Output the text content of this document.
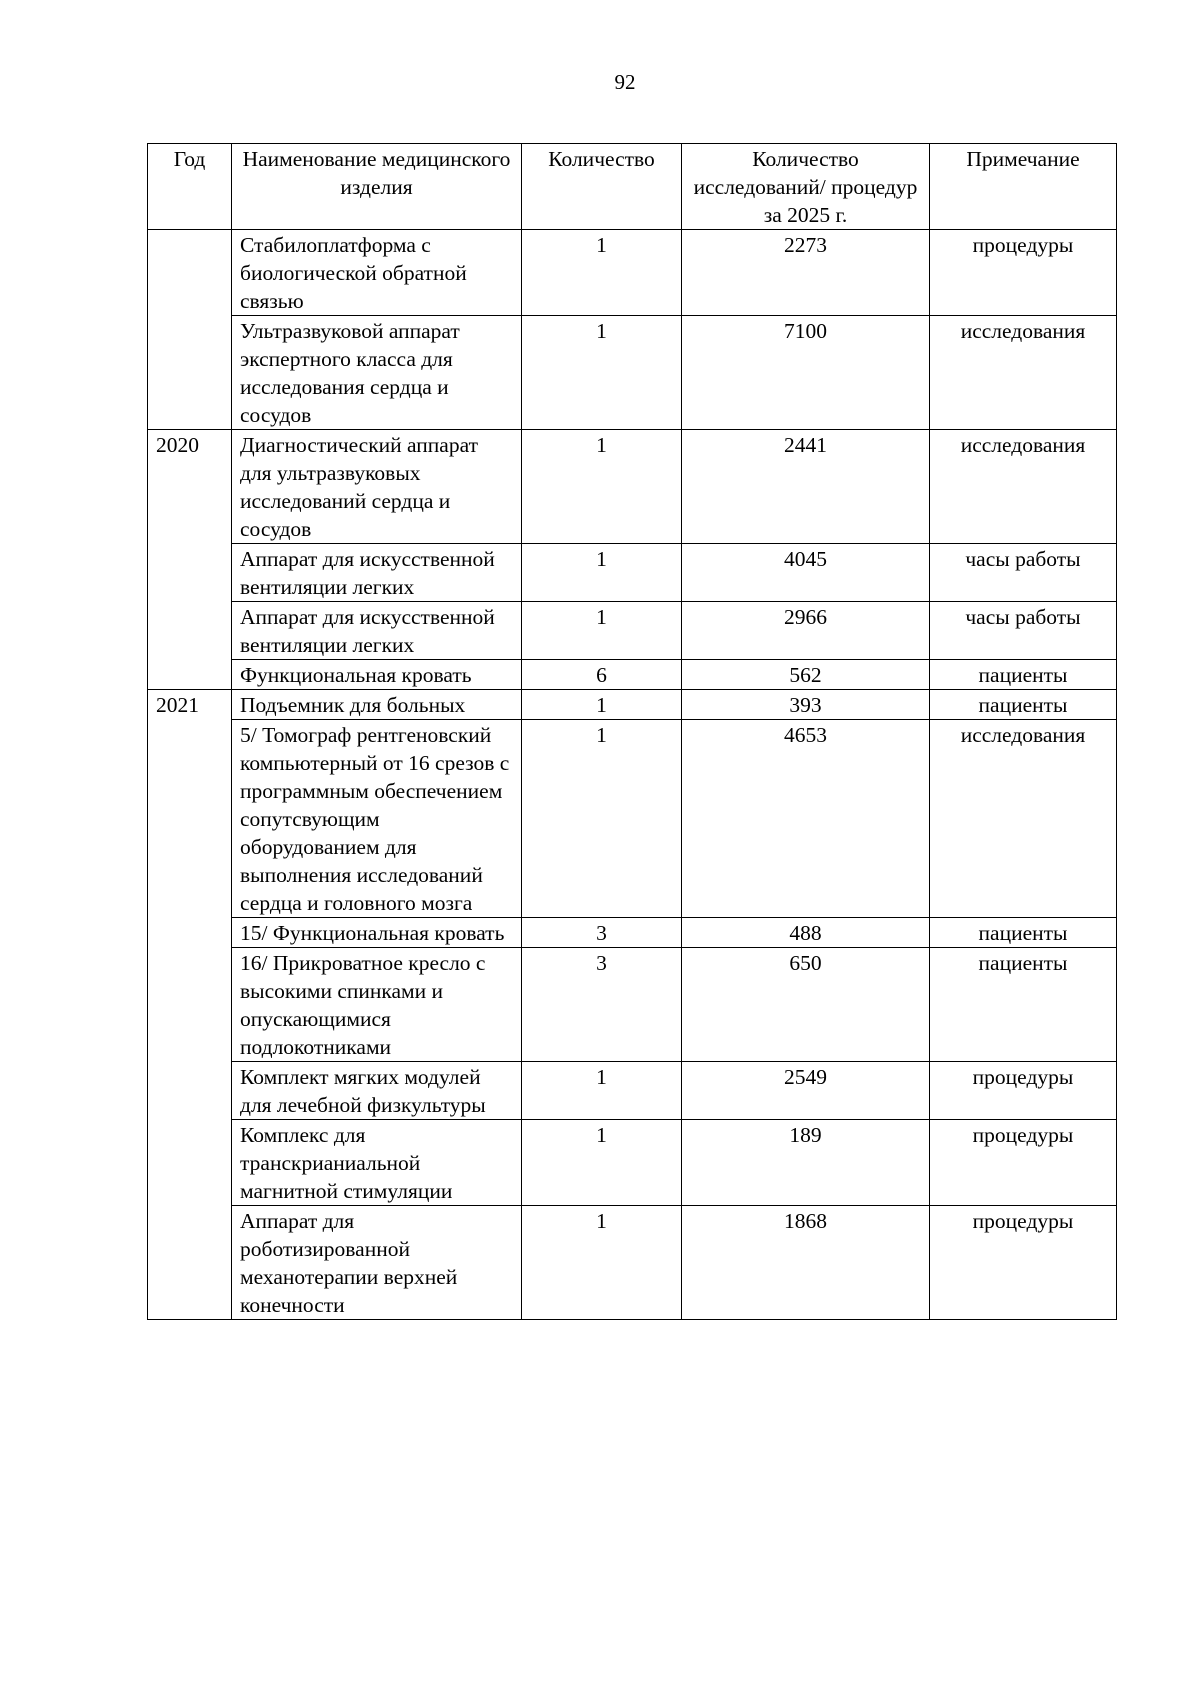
92
Год	Наименование медицинского изделия	Количество	Количество исследований/ процедур за 2025 г.	Примечание
	Стабилоплатформа с биологической обратной связью	1	2273	процедуры
	Ультразвуковой аппарат экспертного класса для исследования сердца и сосудов	1	7100	исследования
2020	Диагностический аппарат для ультразвуковых исследований сердца и сосудов	1	2441	исследования
	Аппарат для искусственной вентиляции легких	1	4045	часы работы
	Аппарат для искусственной вентиляции легких	1	2966	часы работы
	Функциональная кровать	6	562	пациенты
2021	Подъемник для больных	1	393	пациенты
	5/ Томограф рентгеновский компьютерный от 16 срезов с программным обеспечением сопутсвующим оборудованием для выполнения исследований сердца и головного мозга	1	4653	исследования
	15/ Функциональная кровать	3	488	пациенты
	16/ Прикроватное кресло с высокими спинками и опускающимися подлокотниками	3	650	пациенты
	Комплект мягких модулей для лечебной физкультуры	1	2549	процедуры
	Комплекс для транскрианиальной магнитной стимуляции	1	189	процедуры
	Аппарат для роботизированной механотерапии верхней конечности	1	1868	процедуры
